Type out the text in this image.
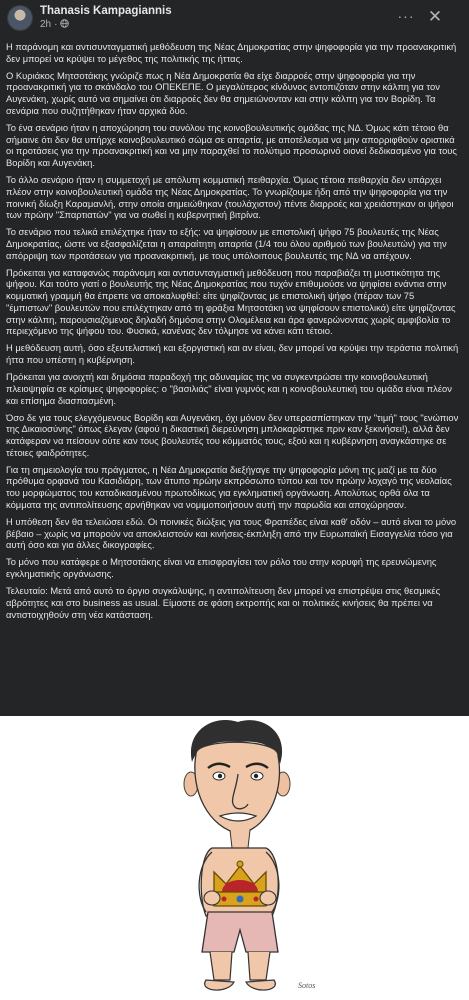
Thanasis Kampagiannis
2h ·
··· ✕

Η παράνομη και αντισυνταγματική μεθόδευση της Νέας Δημοκρατίας στην ψηφοφορία για την προανακριτική δεν μπορεί να κρύψει το μέγεθος της πολιτικής της ήττας.

Ο Κυριάκος Μητσοτάκης γνώριζε πως η Νέα Δημοκρατία θα είχε διαρροές στην ψηφοφορία για την προανακριτική για το σκάνδαλο του ΟΠΕΚΕΠΕ. Ο μεγαλύτερος κίνδυνος εντοπιζόταν στην κάλπη για τον Αυγενάκη, χωρίς αυτό να σημαίνει ότι διαρροές δεν θα σημειώνονταν και στην κάλπη για τον Βορίδη. Τα σενάρια που συζητήθηκαν ήταν αρχικά δύο.

Το ένα σενάριο ήταν η αποχώρηση του συνόλου της κοινοβουλευτικής ομάδας της ΝΔ. Όμως κάτι τέτοιο θα σήμαινε ότι δεν θα υπήρχε κοινοβουλευτικό σώμα σε απαρτία, με αποτέλεσμα να μην απορριφθούν οριστικά οι προτάσεις για την προανακριτική και να μην παραχθεί το πολύτιμο προσωρινό οιονεί δεδικασμένο για τους Βορίδη και Αυγενάκη.

Το άλλο σενάριο ήταν η συμμετοχή με απόλυτη κομματική πειθαρχία. Όμως τέτοια πειθαρχία δεν υπάρχει πλέον στην κοινοβουλευτική ομάδα της Νέας Δημοκρατίας. Το γνωρίζουμε ήδη από την ψηφοφορία για την ποινική δίωξη Καραμανλή, στην οποία σημειώθηκαν (τουλάχιστον) πέντε διαρροές και χρειάστηκαν οι ψήφοι των πρώην "Σπαρτιατών" για να σωθεί η κυβερνητική βιτρίνα.

Το σενάριο που τελικά επιλέχτηκε ήταν το εξής: να ψηφίσουν με επιστολική ψήφο 75 βουλευτές της Νέας Δημοκρατίας, ώστε να εξασφαλίζεται η απαραίτητη απαρτία (1/4 του όλου αριθμού των βουλευτών) για την απόρριψη των προτάσεων για προανακριτική, με τους υπόλοιπους βουλευτές της ΝΔ να απέχουν.

Πρόκειται για καταφανώς παράνομη και αντισυνταγματική μεθόδευση που παραβιάζει τη μυστικότητα της ψήφου. Και τούτο γιατί ο βουλευτής της Νέας Δημοκρατίας που τυχόν επιθυμούσε να ψηφίσει ενάντια στην κομματική γραμμή θα έπρεπε να αποκαλυφθεί: είτε ψηφίζοντας με επιστολική ψήφο (πέραν των 75 "έμπιστων" βουλευτών που επιλέχτηκαν από τη φράξια Μητσοτάκη να ψηφίσουν επιστολικά) είτε ψηφίζοντας στην κάλπη, παρουσιαζόμενος δηλαδή δημόσια στην Ολομέλεια και άρα φανερώνοντας χωρίς αμφιβολία το περιεχόμενο της ψήφου του. Φυσικά, κανένας δεν τόλμησε να κάνει κάτι τέτοιο.

Η μεθόδευση αυτή, όσο εξευτελιστική και εξοργιστική και αν είναι, δεν μπορεί να κρύψει την τεράστια πολιτική ήττα που υπέστη η κυβέρνηση.

Πρόκειται για ανοιχτή και δημόσια παραδοχή της αδυναμίας της να συγκεντρώσει την κοινοβουλευτική πλειοψηφία σε κρίσιμες ψηφοφορίες: ο "βασιλιάς" είναι γυμνός και η κοινοβουλευτική του ομάδα είναι πλέον και επίσημα διασπασμένη.

Όσο δε για τους ελεγχόμενους Βορίδη και Αυγενάκη, όχι μόνον δεν υπερασπίστηκαν την "τιμή" τους "ενώπιον της Δικαιοσύνης" όπως έλεγαν (αφού η δικαστική διερεύνηση μπλοκαρίστηκε πριν καν ξεκινήσει!), αλλά δεν κατάφεραν να πείσουν ούτε καν τους βουλευτές του κόμματός τους, εξού και η κυβέρνηση αναγκάστηκε σε τέτοιες φαιδρότητες.

Για τη σημειολογία του πράγματος, η Νέα Δημοκρατία διεξήγαγε την ψηφοφορία μόνη της μαζί με τα δύο πρόθυμα ορφανά του Κασιδιάρη, των άτυπο πρώην εκπρόσωπο τύπου και τον πρώην λοχαγό της νεολαίας του μορφώματος του καταδικασμένου πρωτοδίκως για εγκληματική οργάνωση. Απολύτως ορθά όλα τα κόμματα της αντιπολίτευσης αρνήθηκαν να νομιμοποιήσουν αυτή την παρωδία και αποχώρησαν.

Η υπόθεση δεν θα τελειώσει εδώ. Οι ποινικές διώξεις για τους Φραπέδες είναι καθ' οδόν – αυτό είναι το μόνο βέβαιο – χωρίς να μπορούν να αποκλειστούν και κινήσεις-έκπληξη από την Ευρωπαϊκή Εισαγγελία τόσο για αυτή όσο και για άλλες δικογραφίες.

Το μόνο που κατάφερε ο Μητσοτάκης είναι να επισφραγίσει τον ρόλο του στην κορυφή της ερευνώμενης εγκληματικής οργάνωσης.

Τελευταίο: Μετά από αυτό το όργιο συγκάλυψης, η αντιπολίτευση δεν μπορεί να επιστρέψει στις θεσμικές αβρότητες και στο business as usual. Είμαστε σε φάση εκτροπής και οι πολιτικές κινήσεις θα πρέπει να αντιστοιχηθούν στη νέα κατάσταση.

Sotos
